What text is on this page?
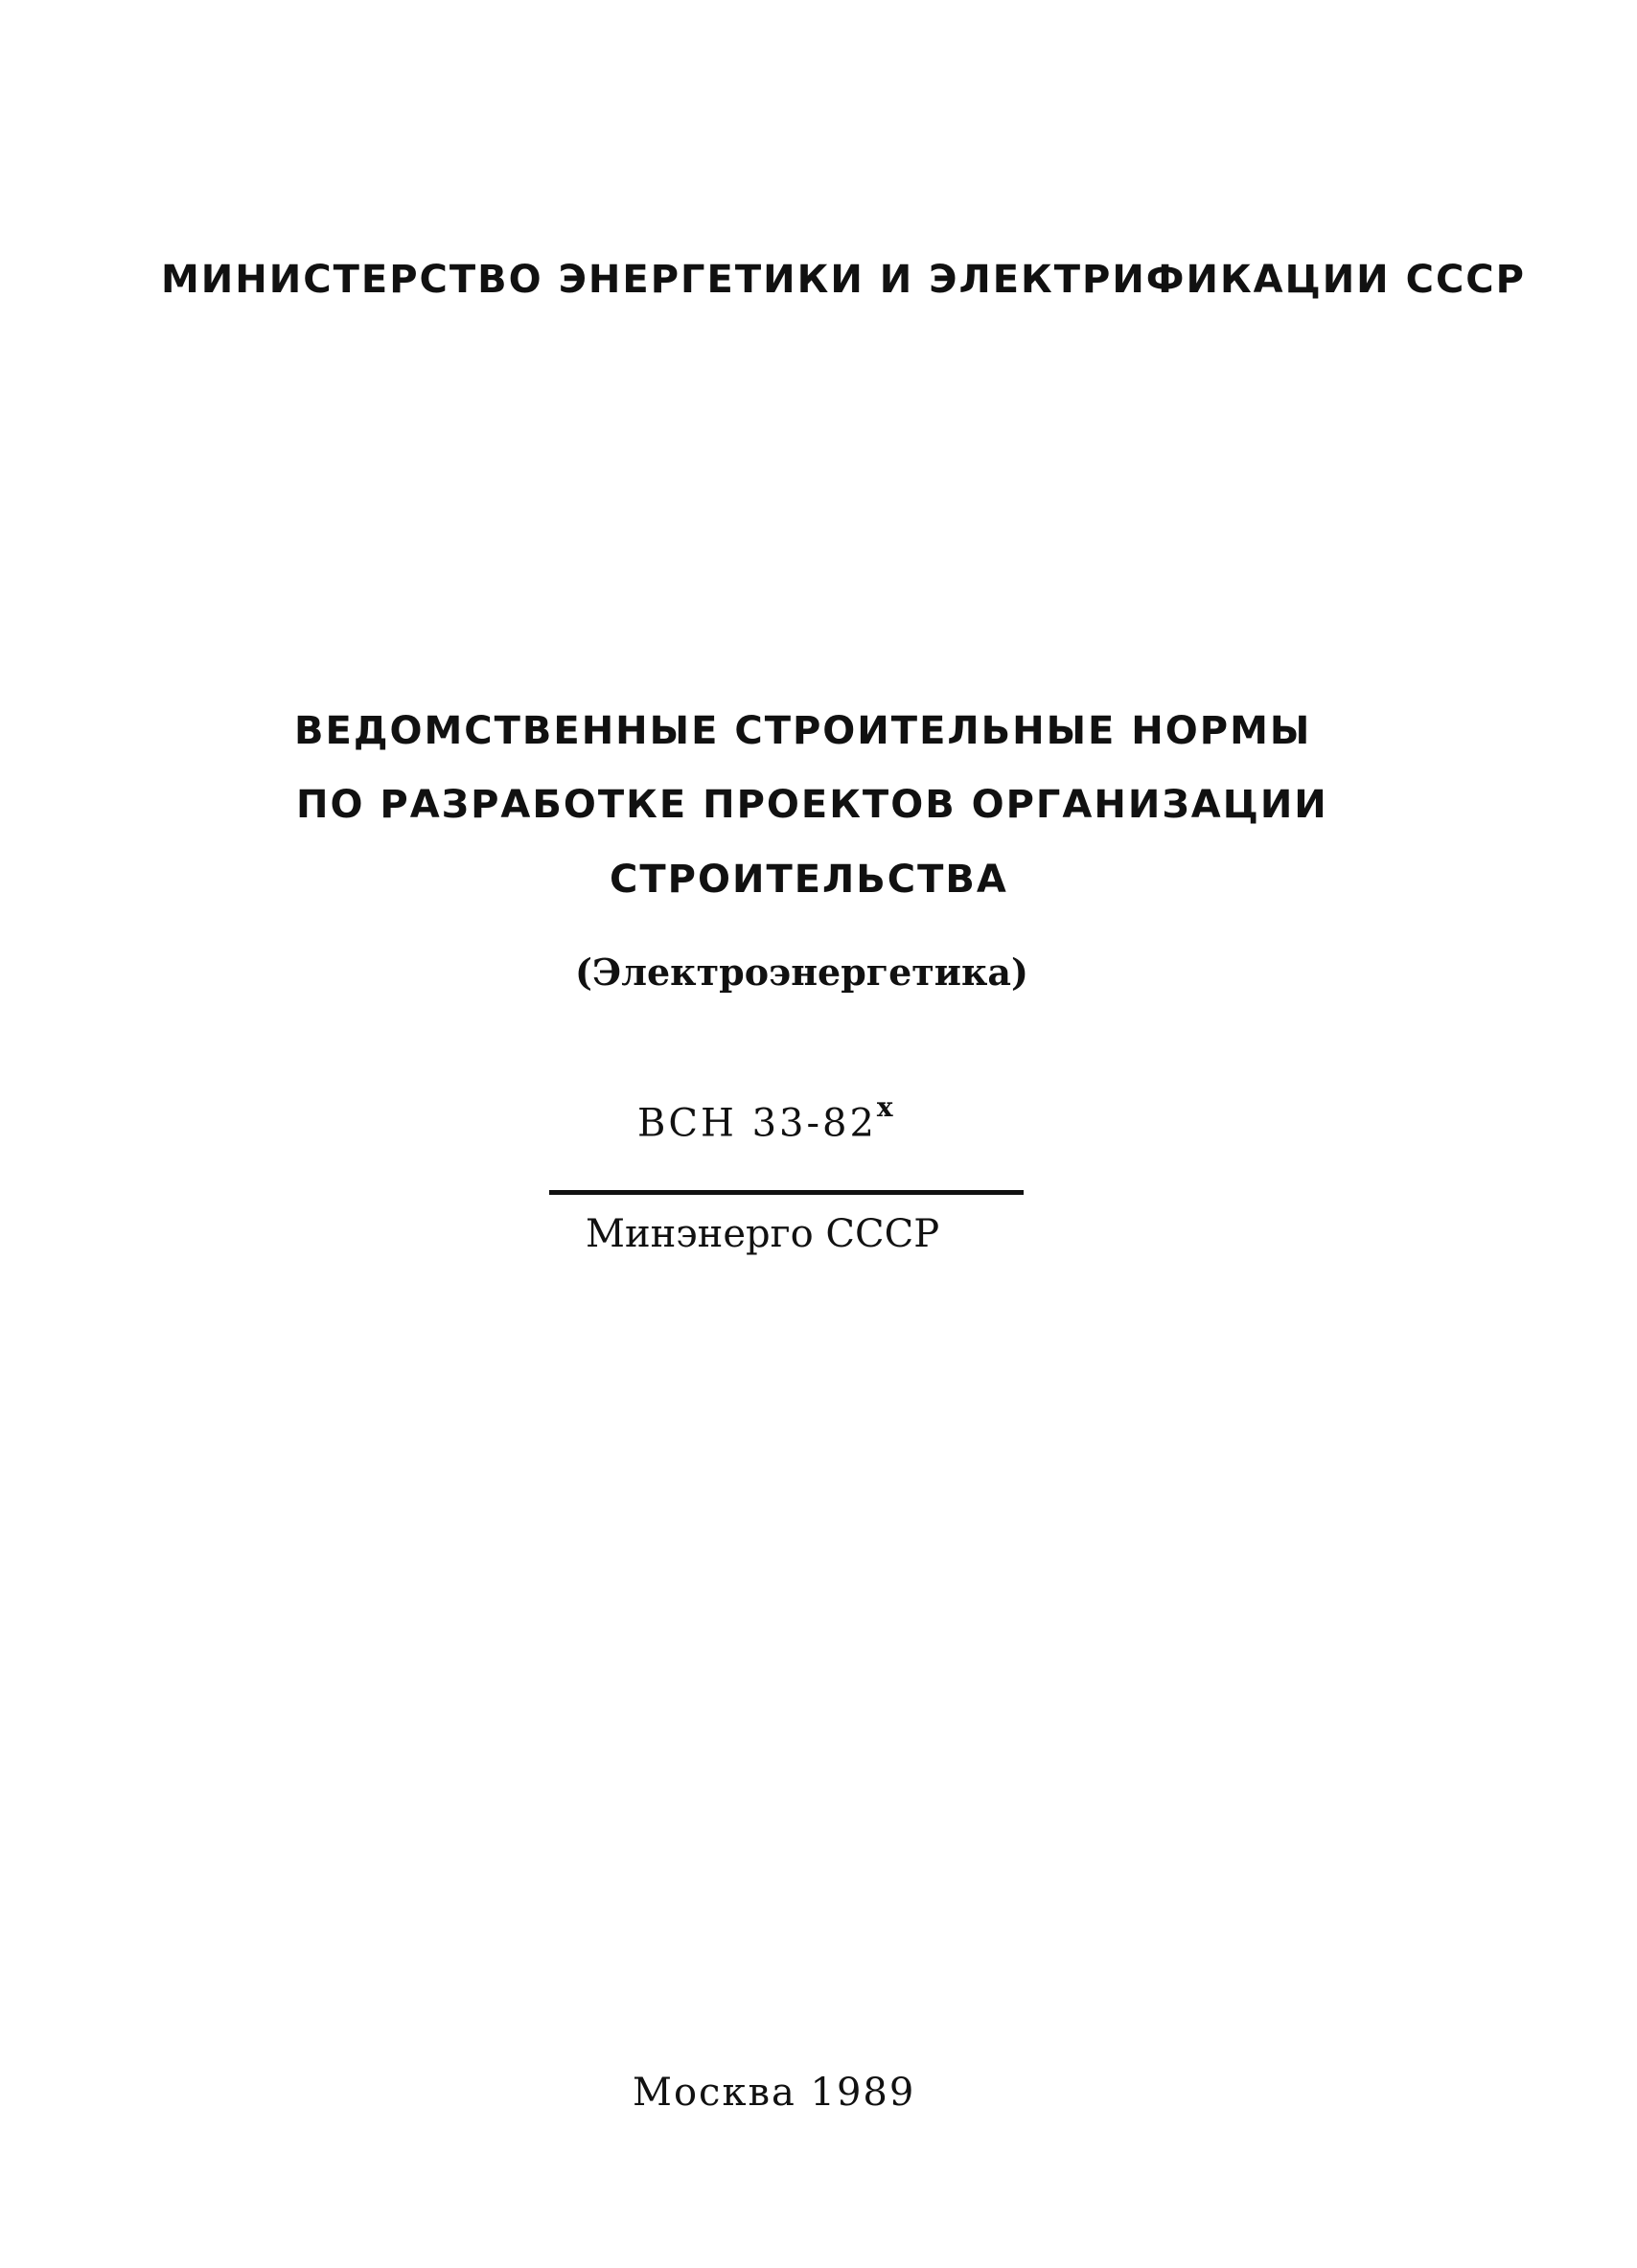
МИНИСТЕРСТВО ЭНЕРГЕТИКИ И ЭЛЕКТРИФИКАЦИИ СССР
ВЕДОМСТВЕННЫЕ СТРОИТЕЛЬНЫЕ НОРМЫ
ПО РАЗРАБОТКЕ ПРОЕКТОВ ОРГАНИЗАЦИИ
СТРОИТЕЛЬСТВА
(Электроэнергетика)
ВСН 33-82$^x$
Минэнерго СССР
Москва 1989
